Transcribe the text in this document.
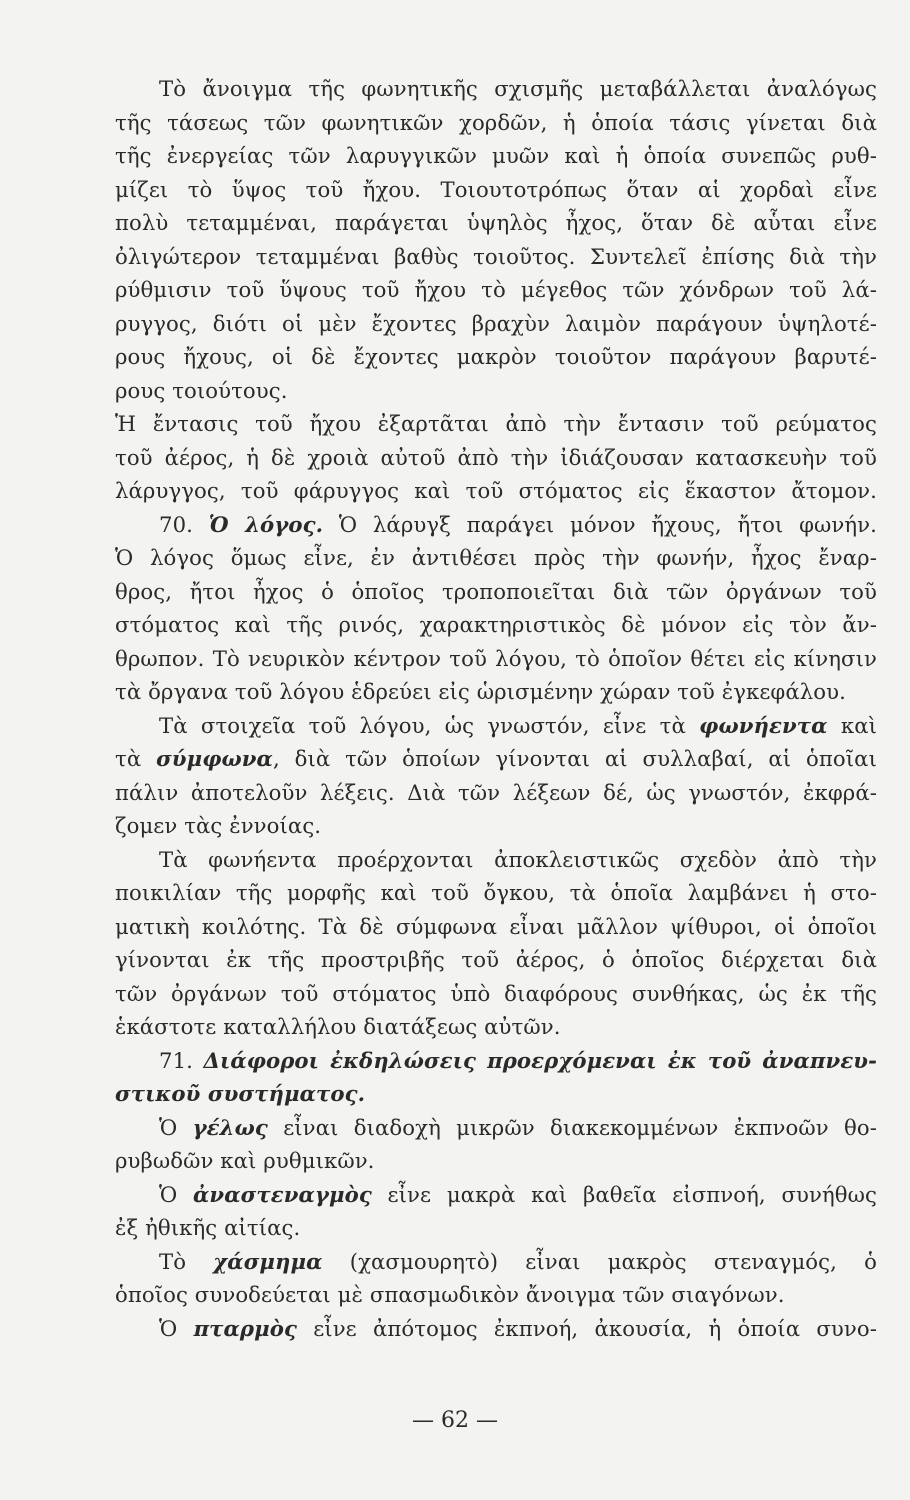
Τὸ ἄνοιγμα τῆς φωνητικῆς σχισμῆς μεταβάλλεται ἀναλόγως
τῆς τάσεως τῶν φωνητικῶν χορδῶν, ἡ ὁποία τάσις γίνεται διὰ
τῆς ἐνεργείας τῶν λαρυγγικῶν μυῶν καὶ ἡ ὁποία συνεπῶς ρυθ-
μίζει τὸ ὕψος τοῦ ἤχου. Τοιουτοτρόπως ὅταν αἱ χορδαὶ εἶνε
πολὺ τεταμμέναι, παράγεται ὑψηλὸς ἦχος, ὅταν δὲ αὗται εἶνε
ὀλιγώτερον τεταμμέναι βαθὺς τοιοῦτος. Συντελεῖ ἐπίσης διὰ τὴν
ρύθμισιν τοῦ ὕψους τοῦ ἤχου τὸ μέγεθος τῶν χόνδρων τοῦ λά-
ρυγγος, διότι οἱ μὲν ἔχοντες βραχὺν λαιμὸν παράγουν ὑψηλοτέ-
ρους ἤχους, οἱ δὲ ἔχοντες μακρὸν τοιοῦτον παράγουν βαρυτέ-
ρους τοιούτους.
Ἡ ἔντασις τοῦ ἤχου ἐξαρτᾶται ἀπὸ τὴν ἔντασιν τοῦ ρεύματος
τοῦ ἀέρος, ἡ δὲ χροιὰ αὐτοῦ ἀπὸ τὴν ἰδιάζουσαν κατασκευὴν τοῦ
λάρυγγος, τοῦ φάρυγγος καὶ τοῦ στόματος εἰς ἕκαστον ἄτομον.
70. Ὁ λόγος. Ὁ λάρυγξ παράγει μόνον ἤχους, ἤτοι φωνήν.
Ὁ λόγος ὅμως εἶνε, ἐν ἀντιθέσει πρὸς τὴν φωνήν, ἦχος ἔναρ-
θρος, ἤτοι ἦχος ὁ ὁποῖος τροποποιεῖται διὰ τῶν ὀργάνων τοῦ
στόματος καὶ τῆς ρινός, χαρακτηριστικὸς δὲ μόνον εἰς τὸν ἄν-
θρωπον. Τὸ νευρικὸν κέντρον τοῦ λόγου, τὸ ὁποῖον θέτει εἰς κίνησιν
τὰ ὄργανα τοῦ λόγου ἑδρεύει εἰς ὡρισμένην χώραν τοῦ ἐγκεφάλου.
Τὰ στοιχεῖα τοῦ λόγου, ὡς γνωστόν, εἶνε τὰ φωνήεντα καὶ
τὰ σύμφωνα, διὰ τῶν ὁποίων γίνονται αἱ συλλαβαί, αἱ ὁποῖαι
πάλιν ἀποτελοῦν λέξεις. Διὰ τῶν λέξεων δέ, ὡς γνωστόν, ἐκφρά-
ζομεν τὰς ἐννοίας.
Τὰ φωνήεντα προέρχονται ἀποκλειστικῶς σχεδὸν ἀπὸ τὴν
ποικιλίαν τῆς μορφῆς καὶ τοῦ ὄγκου, τὰ ὁποῖα λαμβάνει ἡ στο-
ματικὴ κοιλότης. Τὰ δὲ σύμφωνα εἶναι μᾶλλον ψίθυροι, οἱ ὁποῖοι
γίνονται ἐκ τῆς προστριβῆς τοῦ ἀέρος, ὁ ὁποῖος διέρχεται διὰ
τῶν ὀργάνων τοῦ στόματος ὑπὸ διαφόρους συνθήκας, ὡς ἐκ τῆς
ἑκάστοτε καταλλήλου διατάξεως αὐτῶν.
71. Διάφοροι ἐκδηλώσεις προερχόμεναι ἐκ τοῦ ἀναπνευ-
στικοῦ συστήματος.
Ὁ γέλως εἶναι διαδοχὴ μικρῶν διακεκομμένων ἐκπνοῶν θο-
ρυβωδῶν καὶ ρυθμικῶν.
Ὁ ἀναστεναγμὸς εἶνε μακρὰ καὶ βαθεῖα εἰσπνοή, συνήθως
ἐξ ἠθικῆς αἰτίας.
Τὸ χάσμημα (χασμουρητὸ) εἶναι μακρὸς στεναγμός, ὁ
ὁποῖος συνοδεύεται μὲ σπασμωδικὸν ἄνοιγμα τῶν σιαγόνων.
Ὁ πταρμὸς εἶνε ἀπότομος ἐκπνοή, ἀκουσία, ἡ ὁποία συνο-
— 62 —
